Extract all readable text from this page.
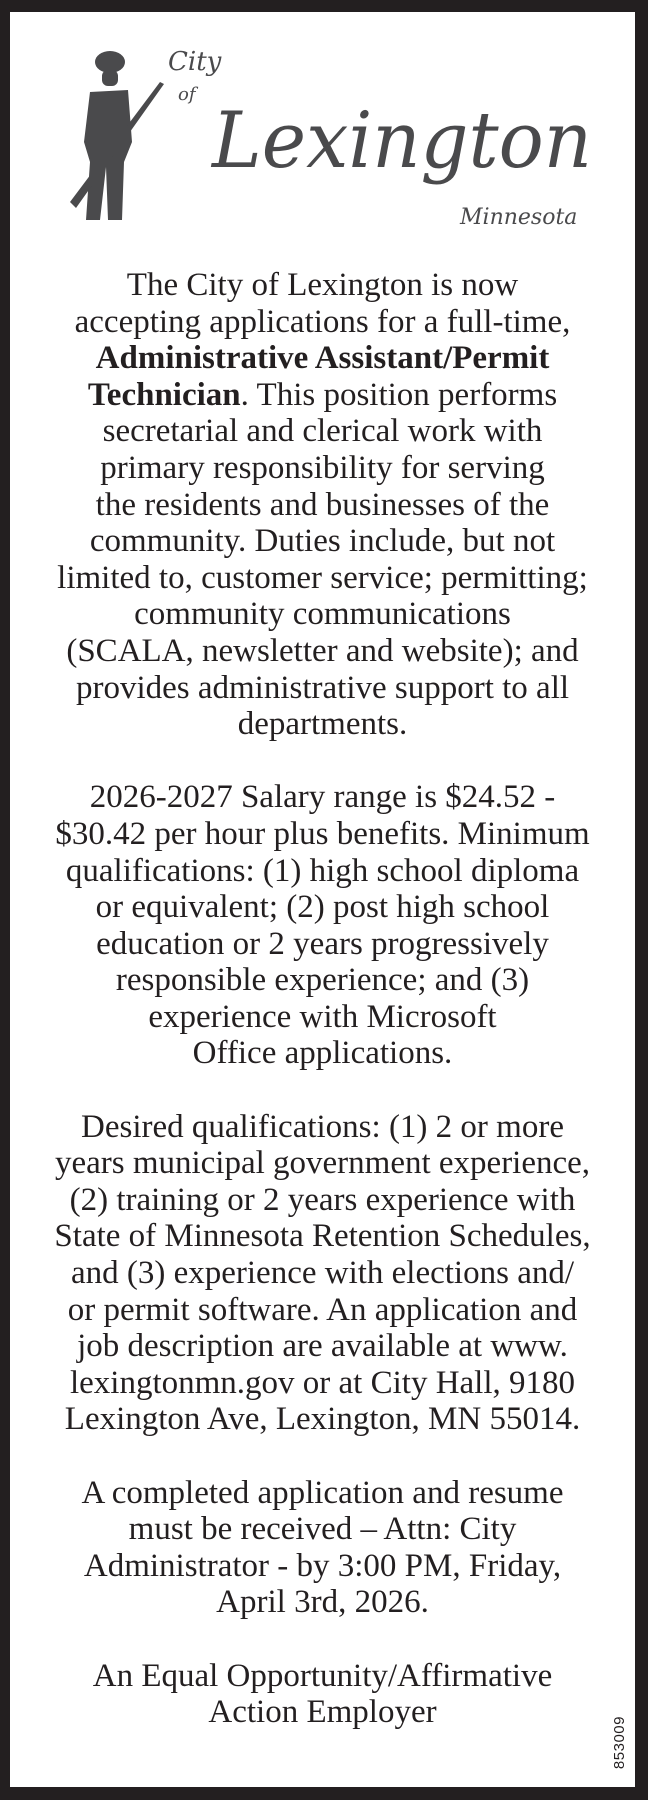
City
of
Lexington
Minnesota
The City of Lexington is now
accepting applications for a full-time,
Administrative Assistant/Permit
Technician. This position performs
secretarial and clerical work with
primary responsibility for serving
the residents and businesses of the
community. Duties include, but not
limited to, customer service; permitting;
community communications
(SCALA, newsletter and website); and
provides administrative support to all
departments.
2026-2027 Salary range is $24.52 -
$30.42 per hour plus benefits. Minimum
qualifications: (1) high school diploma
or equivalent; (2) post high school
education or 2 years progressively
responsible experience; and (3)
experience with Microsoft
Office applications.
Desired qualifications: (1) 2 or more
years municipal government experience,
(2) training or 2 years experience with
State of Minnesota Retention Schedules,
and (3) experience with elections and/
or permit software. An application and
job description are available at www.
lexingtonmn.gov or at City Hall, 9180
Lexington Ave, Lexington, MN 55014.
A completed application and resume
must be received – Attn: City
Administrator - by 3:00 PM, Friday,
April 3rd, 2026.
An Equal Opportunity/Affirmative
Action Employer
853009
